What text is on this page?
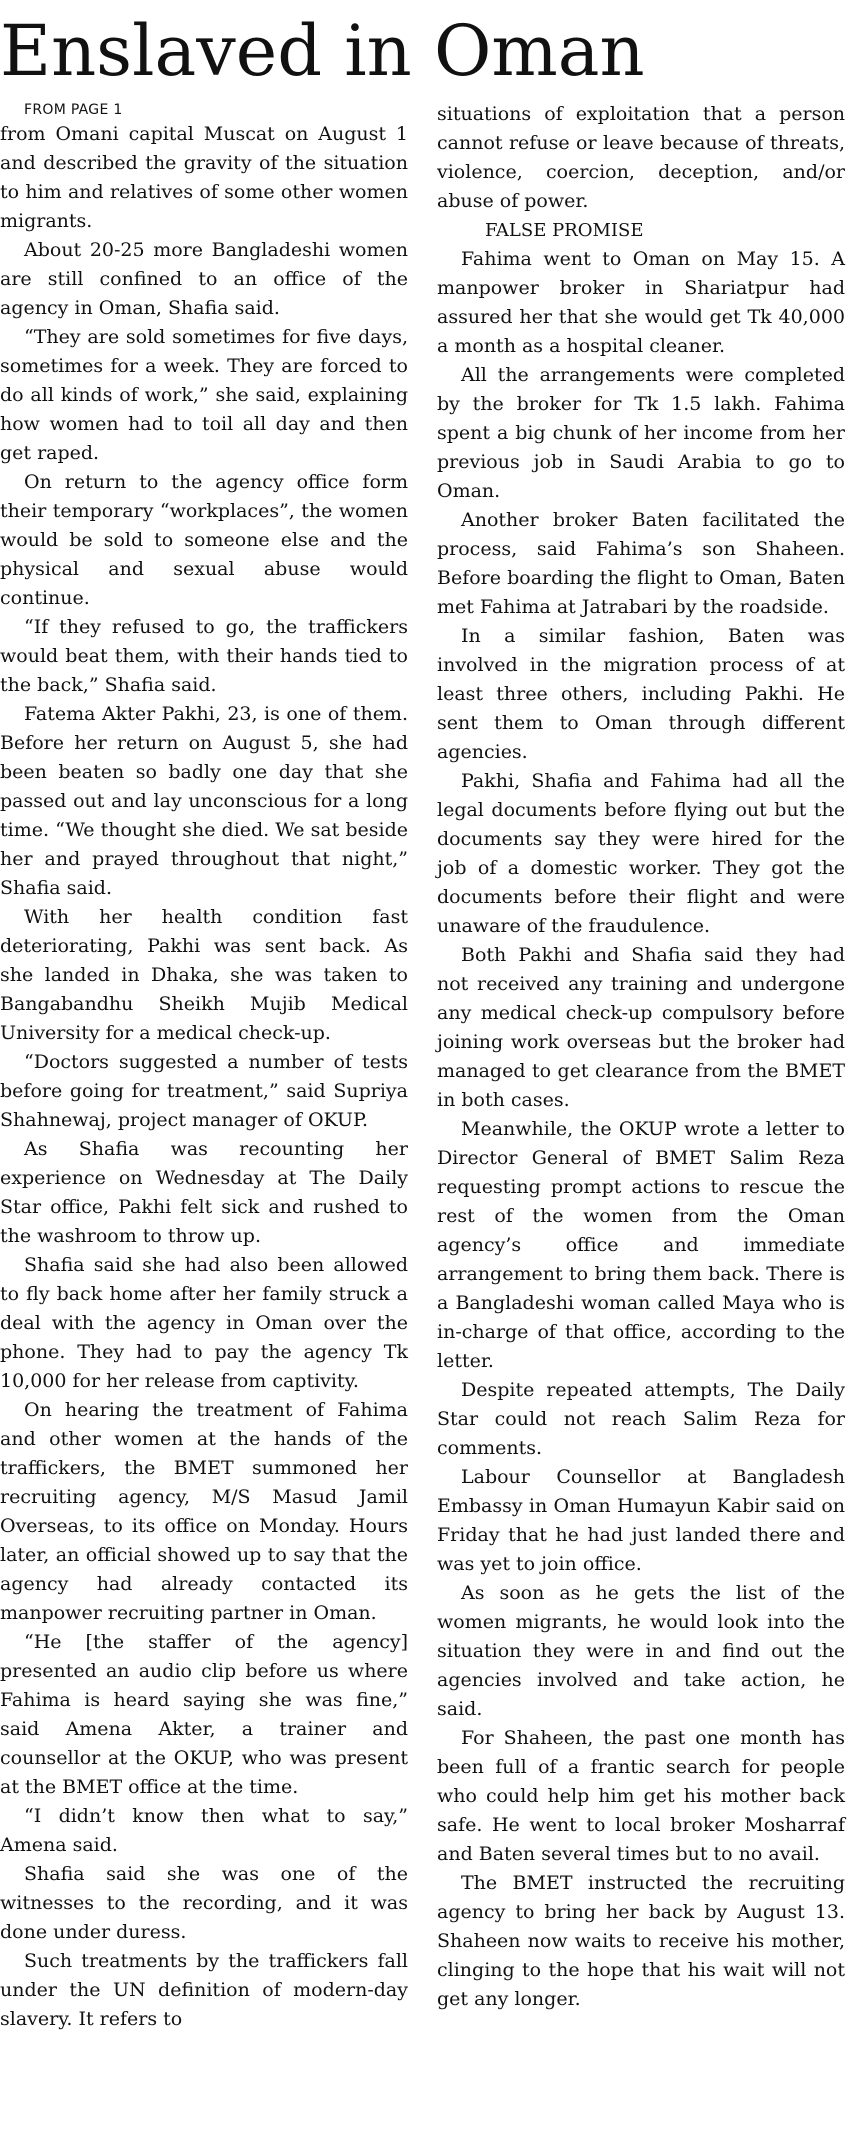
Enslaved in Oman

FROM PAGE 1

from Omani capital Muscat on August 1 and described the gravity of the situation to him and relatives of some other women migrants.

About 20-25 more Bangladeshi women are still confined to an office of the agency in Oman, Shafia said.

“They are sold sometimes for five days, sometimes for a week. They are forced to do all kinds of work,” she said, explaining how women had to toil all day and then get raped.

On return to the agency office form their temporary “workplaces”, the women would be sold to someone else and the physical and sexual abuse would continue.

“If they refused to go, the traffickers would beat them, with their hands tied to the back,” Shafia said.

Fatema Akter Pakhi, 23, is one of them. Before her return on August 5, she had been beaten so badly one day that she passed out and lay unconscious for a long time. “We thought she died. We sat beside her and prayed throughout that night,” Shafia said.

With her health condition fast deteriorating, Pakhi was sent back. As she landed in Dhaka, she was taken to Bangabandhu Sheikh Mujib Medical University for a medical check-up.

“Doctors suggested a number of tests before going for treatment,” said Supriya Shahnewaj, project manager of OKUP.

As Shafia was recounting her experience on Wednesday at The Daily Star office, Pakhi felt sick and rushed to the washroom to throw up.

Shafia said she had also been allowed to fly back home after her family struck a deal with the agency in Oman over the phone. They had to pay the agency Tk 10,000 for her release from captivity.

On hearing the treatment of Fahima and other women at the hands of the traffickers, the BMET summoned her recruiting agency, M/S Masud Jamil Overseas, to its office on Monday. Hours later, an official showed up to say that the agency had already contacted its manpower recruiting partner in Oman.

“He [the staffer of the agency] presented an audio clip before us where Fahima is heard saying she was fine,” said Amena Akter, a trainer and counsellor at the OKUP, who was present at the BMET office at the time.

“I didn’t know then what to say,” Amena said.

Shafia said she was one of the witnesses to the recording, and it was done under duress.

Such treatments by the traffickers fall under the UN definition of modern-day slavery. It refers to

situations of exploitation that a person cannot refuse or leave because of threats, violence, coercion, deception, and/or abuse of power.

FALSE PROMISE

Fahima went to Oman on May 15. A manpower broker in Shariatpur had assured her that she would get Tk 40,000 a month as a hospital cleaner.

All the arrangements were completed by the broker for Tk 1.5 lakh. Fahima spent a big chunk of her income from her previous job in Saudi Arabia to go to Oman.

Another broker Baten facilitated the process, said Fahima’s son Shaheen. Before boarding the flight to Oman, Baten met Fahima at Jatrabari by the roadside.

In a similar fashion, Baten was involved in the migration process of at least three others, including Pakhi. He sent them to Oman through different agencies.

Pakhi, Shafia and Fahima had all the legal documents before flying out but the documents say they were hired for the job of a domestic worker. They got the documents before their flight and were unaware of the fraudulence.

Both Pakhi and Shafia said they had not received any training and undergone any medical check-up compulsory before joining work overseas but the broker had managed to get clearance from the BMET in both cases.

Meanwhile, the OKUP wrote a letter to Director General of BMET Salim Reza requesting prompt actions to rescue the rest of the women from the Oman agency’s office and immediate arrangement to bring them back. There is a Bangladeshi woman called Maya who is in-charge of that office, according to the letter.

Despite repeated attempts, The Daily Star could not reach Salim Reza for comments.

Labour Counsellor at Bangladesh Embassy in Oman Humayun Kabir said on Friday that he had just landed there and was yet to join office.

As soon as he gets the list of the women migrants, he would look into the situation they were in and find out the agencies involved and take action, he said.

For Shaheen, the past one month has been full of a frantic search for people who could help him get his mother back safe. He went to local broker Mosharraf and Baten several times but to no avail.

The BMET instructed the recruiting agency to bring her back by August 13. Shaheen now waits to receive his mother, clinging to the hope that his wait will not get any longer.
